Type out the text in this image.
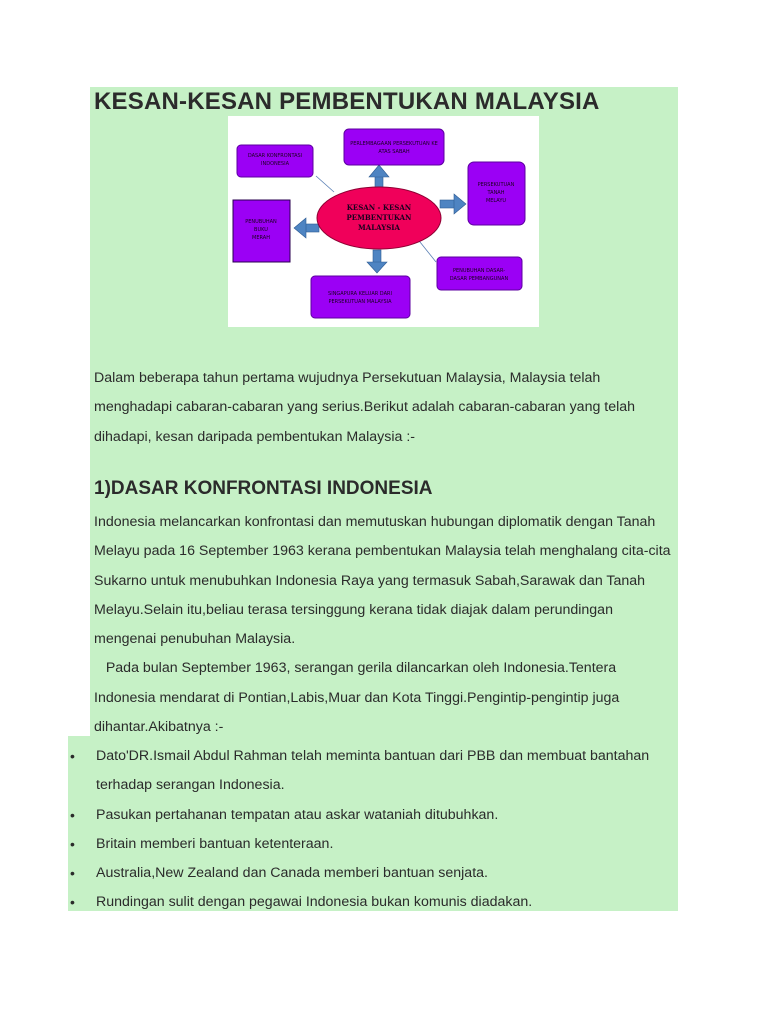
KESAN-KESAN PEMBENTUKAN MALAYSIA
PERLEMBAGAAN PERSEKUTUAN KE
ATAS SABAH
DASAR KONFRONTASI
INDONESIA
PERSEKUTUAN
TANAH
MELAYU
PENUBUHAN
BUKU
MERAH
PENUBUHAN DASAR-
DASAR PEMBANGUNAN
SINGAPURA KELUAR DARI
PERSEKUTUAN MALAYSIA
KESAN - KESAN
PEMBENTUKAN
MALAYSIA

Dalam beberapa tahun pertama wujudnya Persekutuan Malaysia, Malaysia telah

menghadapi cabaran-cabaran yang serius.Berikut adalah cabaran-cabaran yang telah

dihadapi, kesan daripada pembentukan Malaysia :-

1)DASAR KONFRONTASI INDONESIA

Indonesia melancarkan konfrontasi dan memutuskan hubungan diplomatik dengan Tanah

Melayu pada 16 September 1963 kerana pembentukan Malaysia telah menghalang cita-cita

Sukarno untuk menubuhkan Indonesia Raya yang termasuk Sabah,Sarawak dan Tanah

Melayu.Selain itu,beliau terasa tersinggung kerana tidak diajak dalam perundingan

mengenai penubuhan Malaysia.

Pada bulan September 1963, serangan gerila dilancarkan oleh Indonesia.Tentera

Indonesia mendarat di Pontian,Labis,Muar dan Kota Tinggi.Pengintip-pengintip juga

dihantar.Akibatnya :-

• Dato'DR.Ismail Abdul Rahman telah meminta bantuan dari PBB dan membuat bantahan
terhadap serangan Indonesia.
• Pasukan pertahanan tempatan atau askar wataniah ditubuhkan.
• Britain memberi bantuan ketenteraan.
• Australia,New Zealand dan Canada memberi bantuan senjata.
• Rundingan sulit dengan pegawai Indonesia bukan komunis diadakan.
